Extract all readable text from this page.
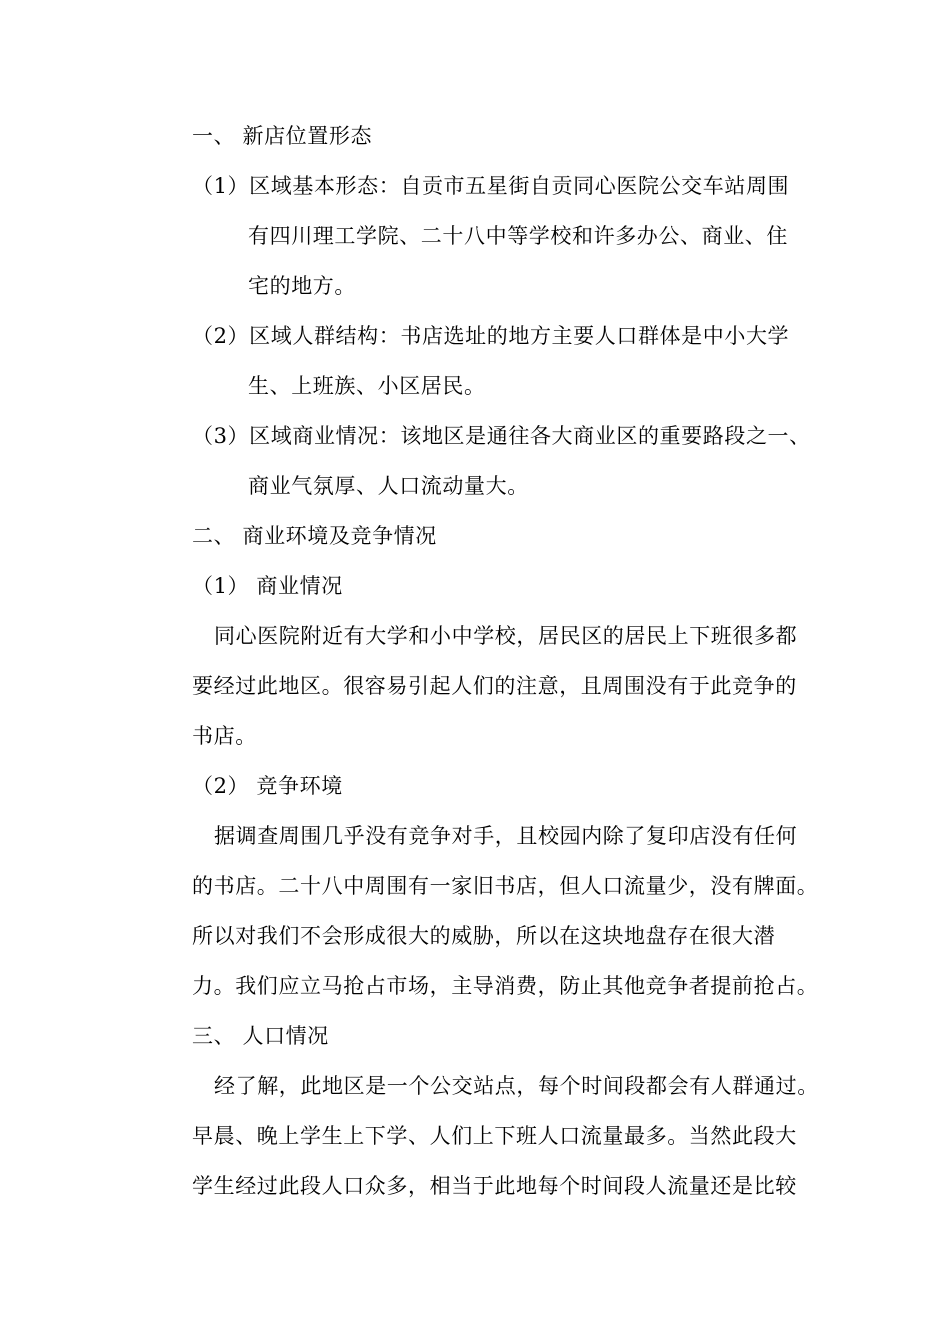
一、 新店位置形态
（1）区域基本形态：自贡市五星街自贡同心医院公交车站周围
有四川理工学院、二十八中等学校和许多办公、商业、住
宅的地方。
（2）区域人群结构：书店选址的地方主要人口群体是中小大学
生、上班族、小区居民。
（3）区域商业情况：该地区是通往各大商业区的重要路段之一、
商业气氛厚、人口流动量大。
二、 商业环境及竞争情况
（1） 商业情况
同心医院附近有大学和小中学校，居民区的居民上下班很多都
要经过此地区。很容易引起人们的注意，且周围没有于此竞争的
书店。
（2） 竞争环境
据调查周围几乎没有竞争对手，且校园内除了复印店没有任何
的书店。二十八中周围有一家旧书店，但人口流量少，没有牌面。
所以对我们不会形成很大的威胁，所以在这块地盘存在很大潜
力。我们应立马抢占市场，主导消费，防止其他竞争者提前抢占。
三、 人口情况
经了解，此地区是一个公交站点，每个时间段都会有人群通过。
早晨、晚上学生上下学、人们上下班人口流量最多。当然此段大
学生经过此段人口众多，相当于此地每个时间段人流量还是比较
